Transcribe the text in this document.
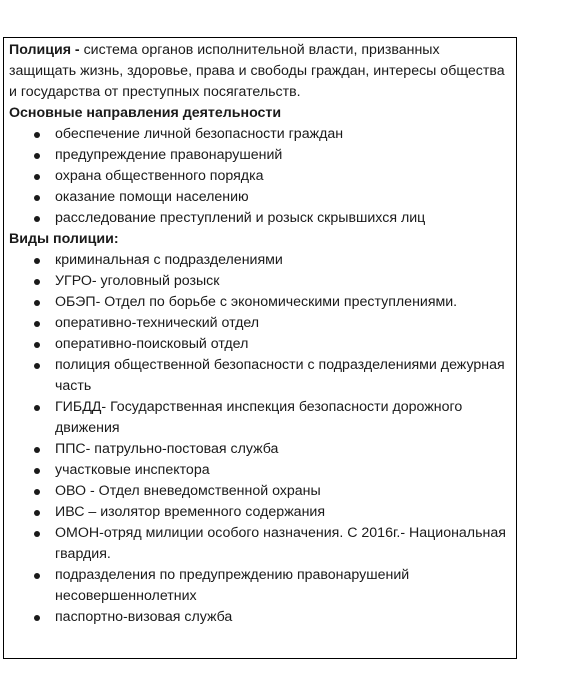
Полиция - система органов исполнительной власти, призванных защищать жизнь, здоровье, права и свободы граждан, интересы общества и государства от преступных посягательств.

Основные направления деятельности

обеспечение личной безопасности граждан
предупреждение правонарушений
охрана общественного порядка
оказание помощи населению
расследование преступлений и розыск скрывшихся лиц

Виды полиции:

криминальная с подразделениями
УГРО- уголовный розыск
ОБЭП- Отдел по борьбе с экономическими преступлениями.
оперативно-технический отдел
оперативно-поисковый отдел
полиция общественной безопасности с подразделениями дежурная часть
ГИБДД- Государственная инспекция безопасности дорожного движения
ППС- патрульно-постовая служба
участковые инспектора
ОВО - Отдел вневедомственной охраны
ИВС – изолятор временного содержания
ОМОН-отряд милиции особого назначения. С 2016г.- Национальная гвардия.
подразделения по предупреждению правонарушений несовершеннолетних
паспортно-визовая служба
